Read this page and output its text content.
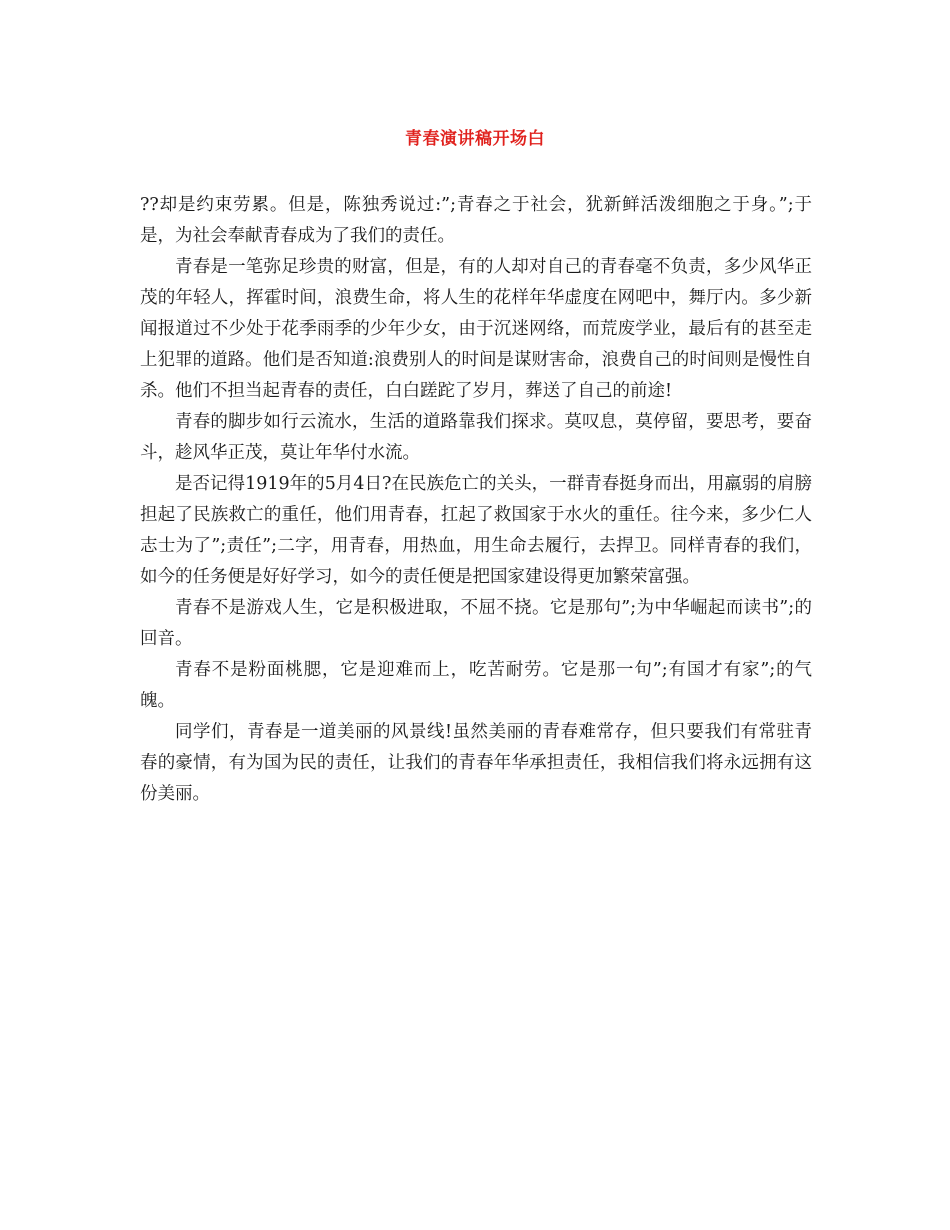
青春演讲稿开场白

??却是约束劳累。但是，陈独秀说过:”;青春之于社会，犹新鲜活泼细胞之于身。”;于是，为社会奉献青春成为了我们的责任。

青春是一笔弥足珍贵的财富，但是，有的人却对自己的青春毫不负责，多少风华正茂的年轻人，挥霍时间，浪费生命，将人生的花样年华虚度在网吧中，舞厅内。多少新闻报道过不少处于花季雨季的少年少女，由于沉迷网络，而荒废学业，最后有的甚至走上犯罪的道路。他们是否知道:浪费别人的时间是谋财害命，浪费自己的时间则是慢性自杀。他们不担当起青春的责任，白白蹉跎了岁月，葬送了自己的前途!

青春的脚步如行云流水，生活的道路靠我们探求。莫叹息，莫停留，要思考，要奋斗，趁风华正茂，莫让年华付水流。

是否记得1919年的5月4日?在民族危亡的关头，一群青春挺身而出，用羸弱的肩膀担起了民族救亡的重任，他们用青春，扛起了救国家于水火的重任。往今来，多少仁人志士为了”;责任”;二字，用青春，用热血，用生命去履行，去捍卫。同样青春的我们，如今的任务便是好好学习，如今的责任便是把国家建设得更加繁荣富强。

青春不是游戏人生，它是积极进取，不屈不挠。它是那句”;为中华崛起而读书”;的回音。

青春不是粉面桃腮，它是迎难而上，吃苦耐劳。它是那一句”;有国才有家”;的气魄。

同学们，青春是一道美丽的风景线!虽然美丽的青春难常存，但只要我们有常驻青春的豪情，有为国为民的责任，让我们的青春年华承担责任，我相信我们将永远拥有这份美丽。
